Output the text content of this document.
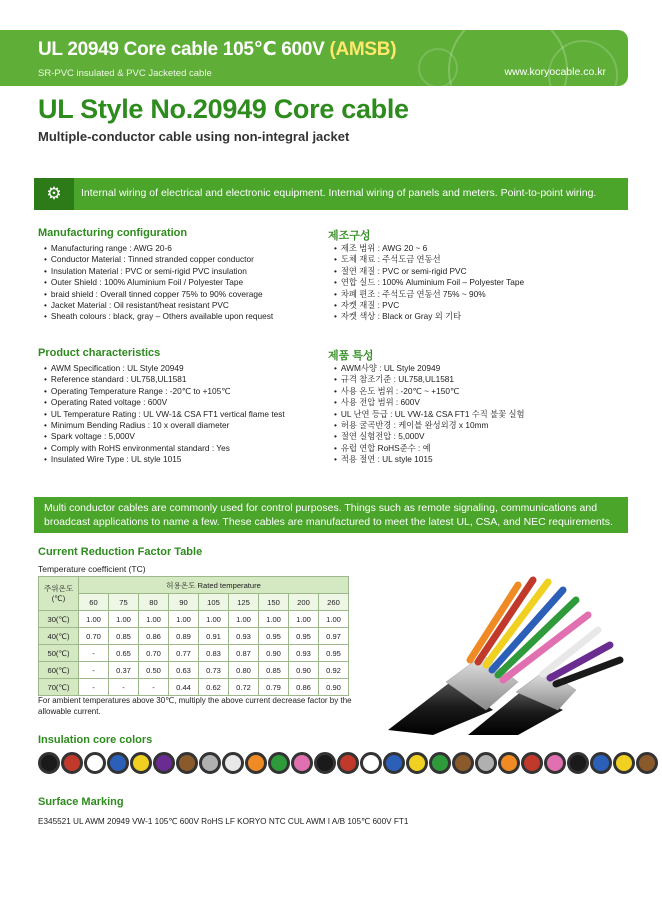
UL 20949 Core cable 105℃ 600V (AMSB)
SR-PVC insulated & PVC Jacketed cable	www.koryocable.co.kr
UL Style No.20949 Core cable
Multiple-conductor cable using non-integral jacket
⚙	Internal wiring of electrical and electronic equipment. Internal wiring of panels and meters. Point-to-point wiring.
Manufacturing configuration
• Manufacturing range : AWG 20-6
• Conductor Material : Tinned stranded copper conductor
• Insulation Material : PVC or semi-rigid PVC insulation
• Outer Shield : 100% Aluminium Foil / Polyester Tape
• braid shield : Overall tinned copper 75% to 90% coverage
• Jacket Material : Oil resistant/heat resistant PVC
• Sheath colours : black, gray – Others available upon request
제조구성
• 제조 범위 : AWG 20 ~ 6
• 도체 재료 : 주석도금 연동선
• 절연 재질 : PVC or semi-rigid PVC
• 연합 실드 : 100% Aluminium Foil – Polyester Tape
• 차폐 편조 : 주석도금 연동선 75% ~ 90%
• 자켓 재질 : PVC
• 자켓 색상 : Black or Gray 외 기타
Product characteristics
• AWM Specification : UL Style 20949
• Reference standard : UL758,UL1581
• Operating Temperature Range : -20℃ to +105℃
• Operating Rated voltage : 600V
• UL Temperature Rating : UL VW-1& CSA FT1 vertical flame test
• Minimum Bending Radius : 10 x overall diameter
• Spark voltage : 5,000V
• Comply with RoHS environmental standard : Yes
• Insulated Wire Type : UL style 1015
제품 특성
• AWM사양 : UL Style 20949
• 규격 참조기준 : UL758,UL1581
• 사용 온도 범위 : -20℃ ~ +150℃
• 사용 전압 범위 : 600V
• UL 난연 등급 : UL VW-1& CSA FT1 수직 불꽃 실험
• 허용 굴곡반경 : 케이블 완성외경 x 10mm
• 절연 실험전압 : 5,000V
• 유럽 연합 RoHS준수 : 예
• 적용 절연 : UL style 1015
Multi conductor cables are commonly used for control purposes. Things such as remote signaling, communications and
broadcast applications to name a few. These cables are manufactured to meet the latest UL, CSA, and NEC requirements.
Current Reduction Factor Table
Temperature coefficient (TC)
주위온도
(℃)	허용온도 Rated temperature								
	60	75	80	90	105	125	150	200	260
30(℃)	1.00	1.00	1.00	1.00	1.00	1.00	1.00	1.00	1.00
40(℃)	0.70	0.85	0.86	0.89	0.91	0.93	0.95	0.95	0.97
50(℃)	-	0.65	0.70	0.77	0.83	0.87	0.90	0.93	0.95
60(℃)	-	0.37	0.50	0.63	0.73	0.80	0.85	0.90	0.92
70(℃)	-	-	-	0.44	0.62	0.72	0.79	0.86	0.90
For ambient temperatures above 30℃, multiply the above current decrease factor by the allowable current.
Insulation core colors
Surface Marking
E345521 UL AWM 20949 VW-1 105℃ 600V RoHS LF KORYO NTC CUL AWM I A/B 105℃ 600V FT1
